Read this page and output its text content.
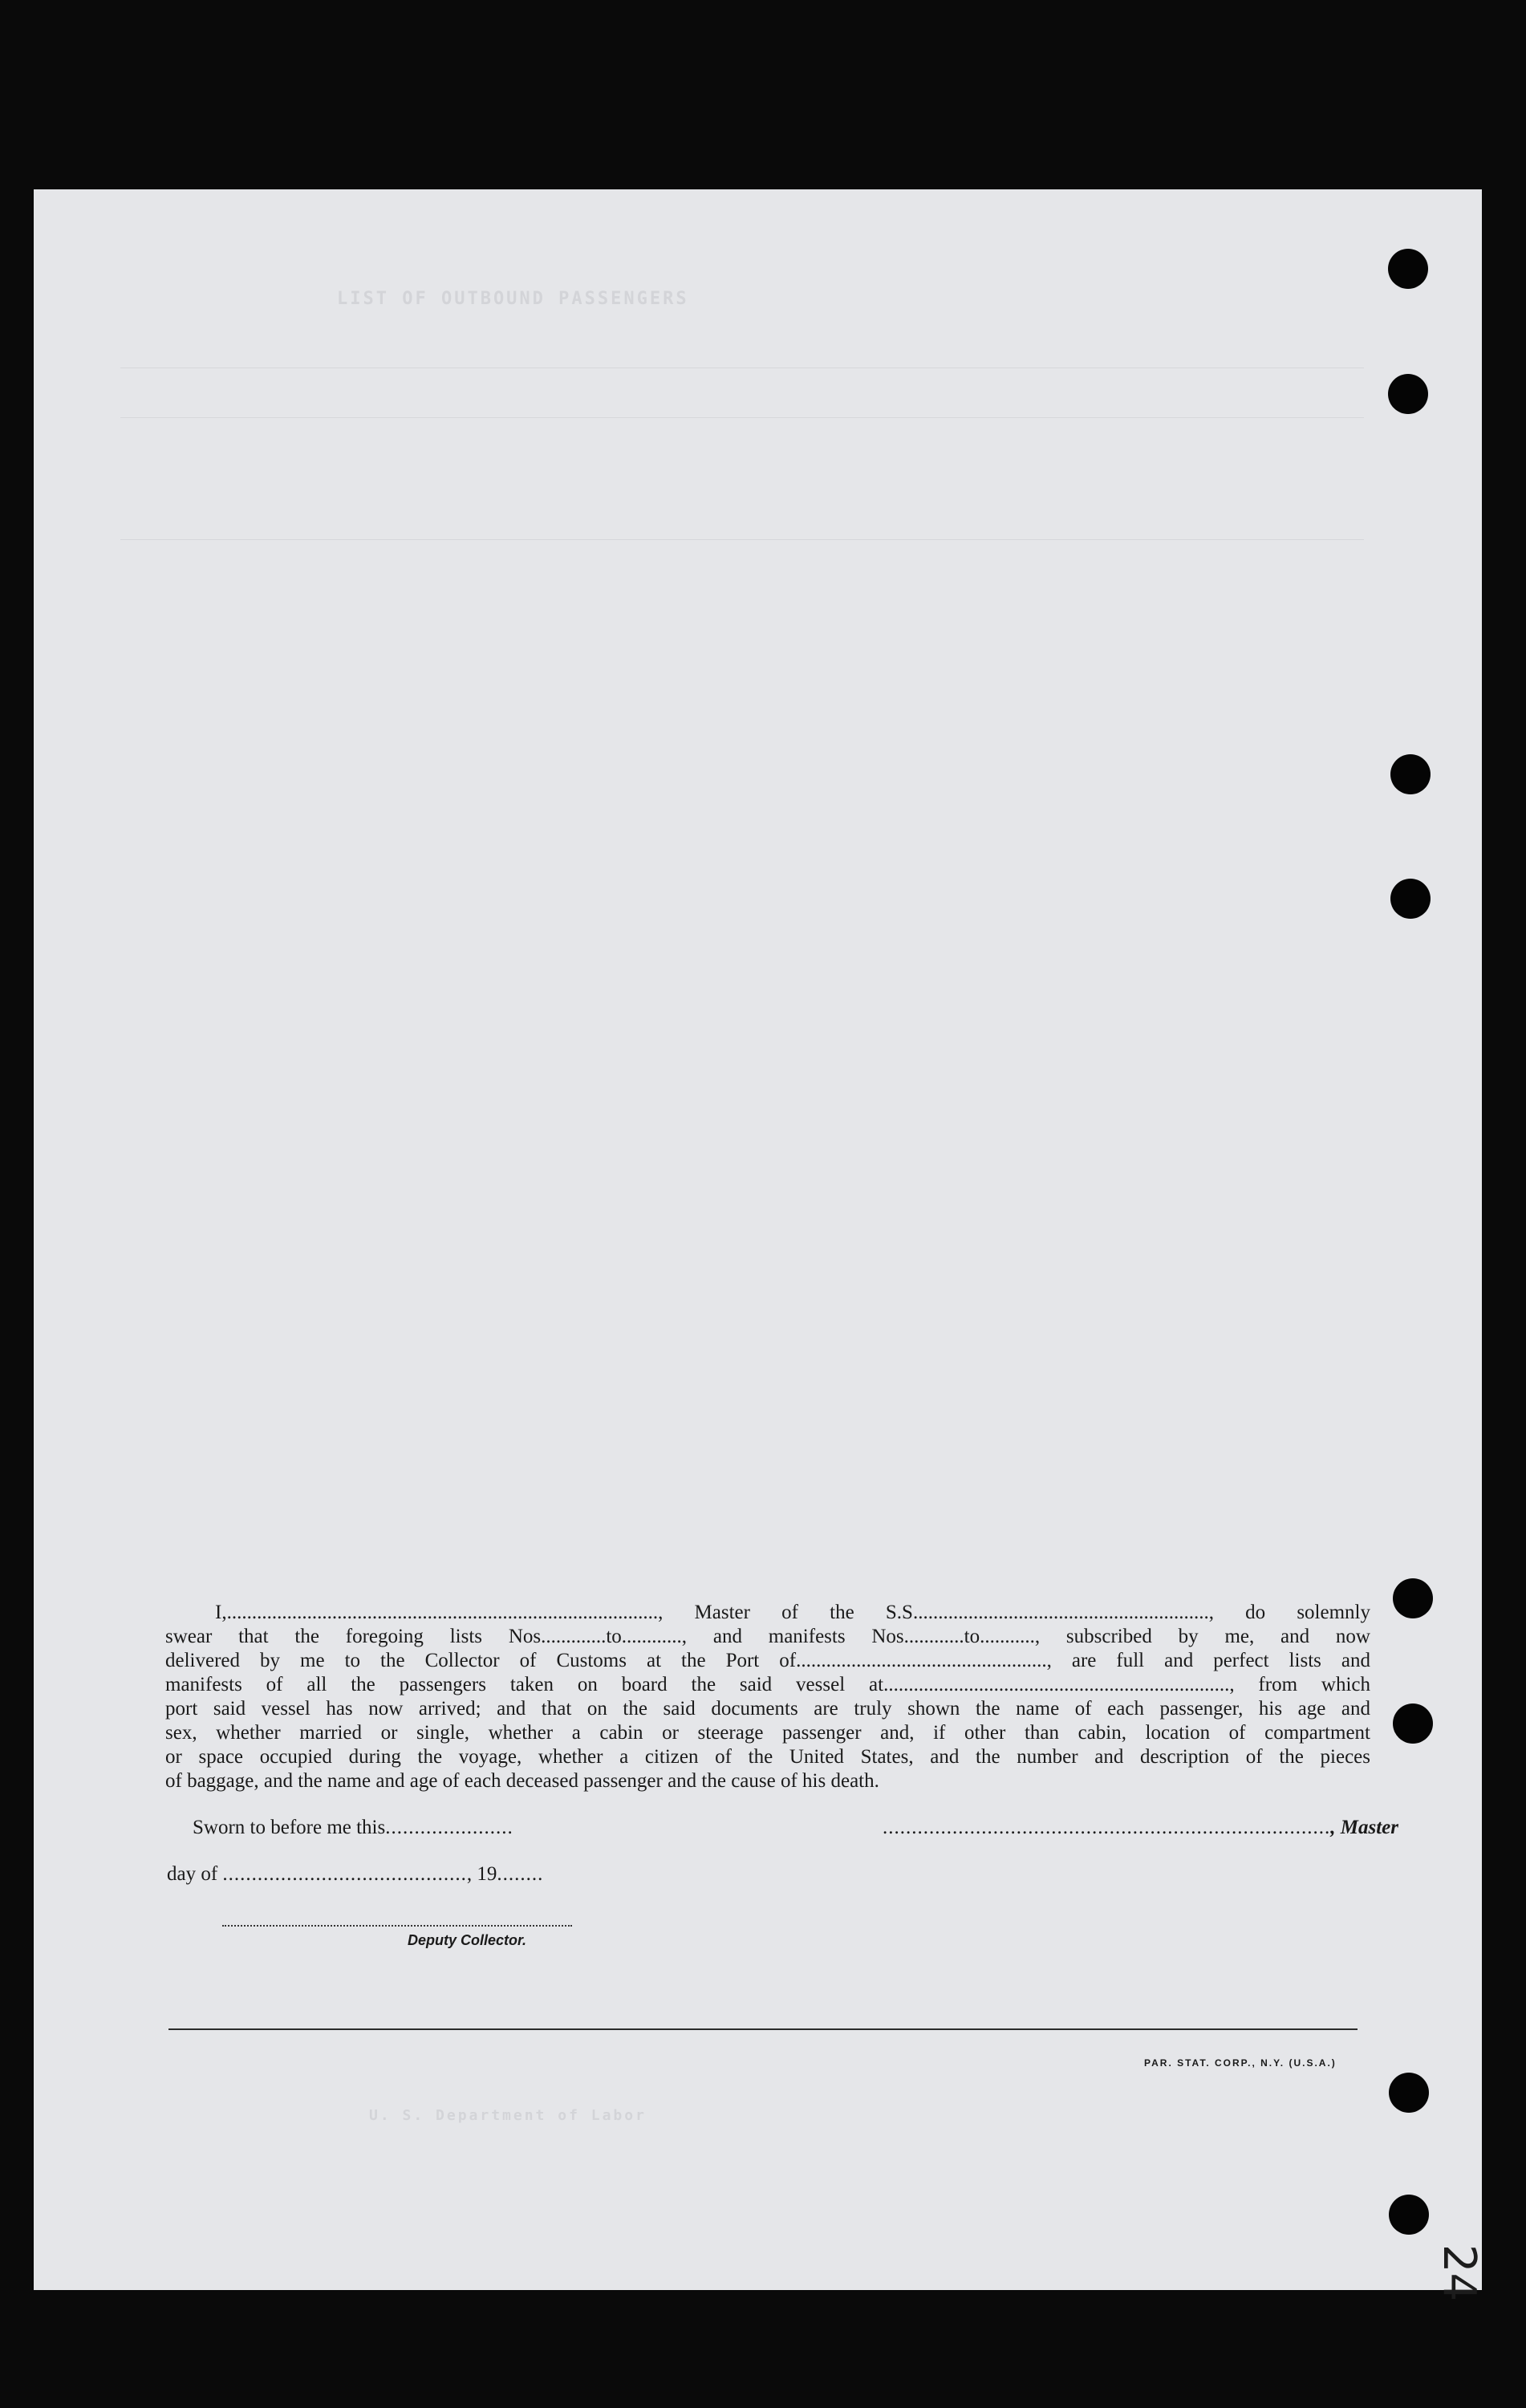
LIST OF OUTBOUND PASSENGERS
U. S. Department of Labor
I,......................................................................................, Master of the S.S..........................................................., do solemnly
swear that the foregoing lists Nos.............to............, and manifests Nos............to..........., subscribed by me, and now
delivered by me to the Collector of Customs at the Port of.................................................., are full and perfect lists and
manifests of all the passengers taken on board the said vessel at....................................................................., from which
port said vessel has now arrived; and that on the said documents are truly shown the name of each passenger, his age and
sex, whether married or single, whether a cabin or steerage passenger and, if other than cabin, location of compartment
or space occupied during the voyage, whether a citizen of the United States, and the number and description of the pieces
of baggage, and the name and age of each deceased passenger and the cause of his death.
Sworn to before me this......................	............................................................................., Master
day of .........................................., 19........
Deputy Collector.
PAR. STAT. CORP., N.Y. (U.S.A.)
24
